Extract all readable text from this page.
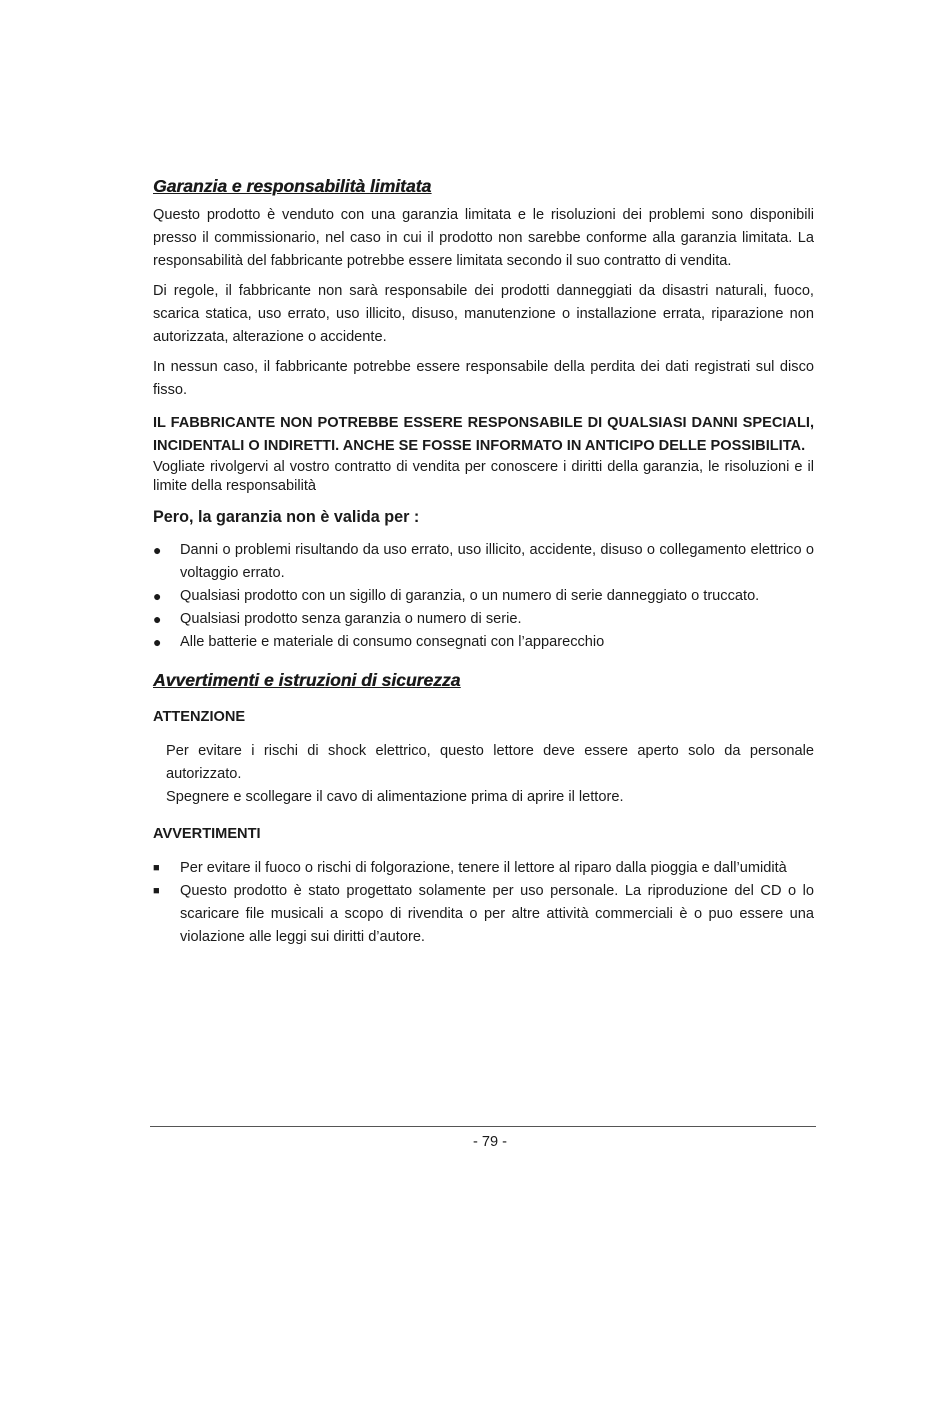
Garanzia e responsabilità limitata

Questo prodotto è venduto con una garanzia limitata e le risoluzioni dei problemi sono disponibili presso il commissionario, nel caso in cui il prodotto non sarebbe conforme alla garanzia limitata. La responsabilità del fabbricante potrebbe essere limitata secondo il suo contratto di vendita.

Di regole, il fabbricante non sarà responsabile dei prodotti danneggiati da disastri naturali, fuoco, scarica statica, uso errato, uso illicito, disuso, manutenzione o installazione errata, riparazione non autorizzata, alterazione o accidente.

In nessun caso, il fabbricante potrebbe essere responsabile della perdita dei dati registrati sul disco fisso.

IL FABBRICANTE NON POTREBBE ESSERE RESPONSABILE DI QUALSIASI DANNI SPECIALI, INCIDENTALI O INDIRETTI. ANCHE SE FOSSE INFORMATO IN ANTICIPO DELLE POSSIBILITA.

Vogliate rivolgervi al vostro contratto di vendita per conoscere i diritti della garanzia, le risoluzioni e il limite della responsabilità

Pero, la garanzia non è valida per :
● Danni o problemi risultando da uso errato, uso illicito, accidente, disuso o collegamento elettrico o voltaggio errato.
● Qualsiasi prodotto con un sigillo di garanzia, o un numero di serie danneggiato o truccato.
● Qualsiasi prodotto senza garanzia o numero di serie.
● Alle batterie e materiale di consumo consegnati con l’apparecchio
Avvertimenti e istruzioni di sicurezza
ATTENZIONE
Per evitare i rischi di shock elettrico, questo lettore deve essere aperto solo da personale autorizzato.
Spegnere e scollegare il cavo di alimentazione prima di aprire il lettore.
AVVERTIMENTI
■ Per evitare il fuoco o rischi di folgorazione, tenere il lettore al riparo dalla pioggia e dall’umidità
■ Questo prodotto è stato progettato solamente per uso personale. La riproduzione del CD o lo scaricare file musicali a scopo di rivendita o per altre attività commerciali è o puo essere una violazione alle leggi sui diritti d’autore.
- 79 -
